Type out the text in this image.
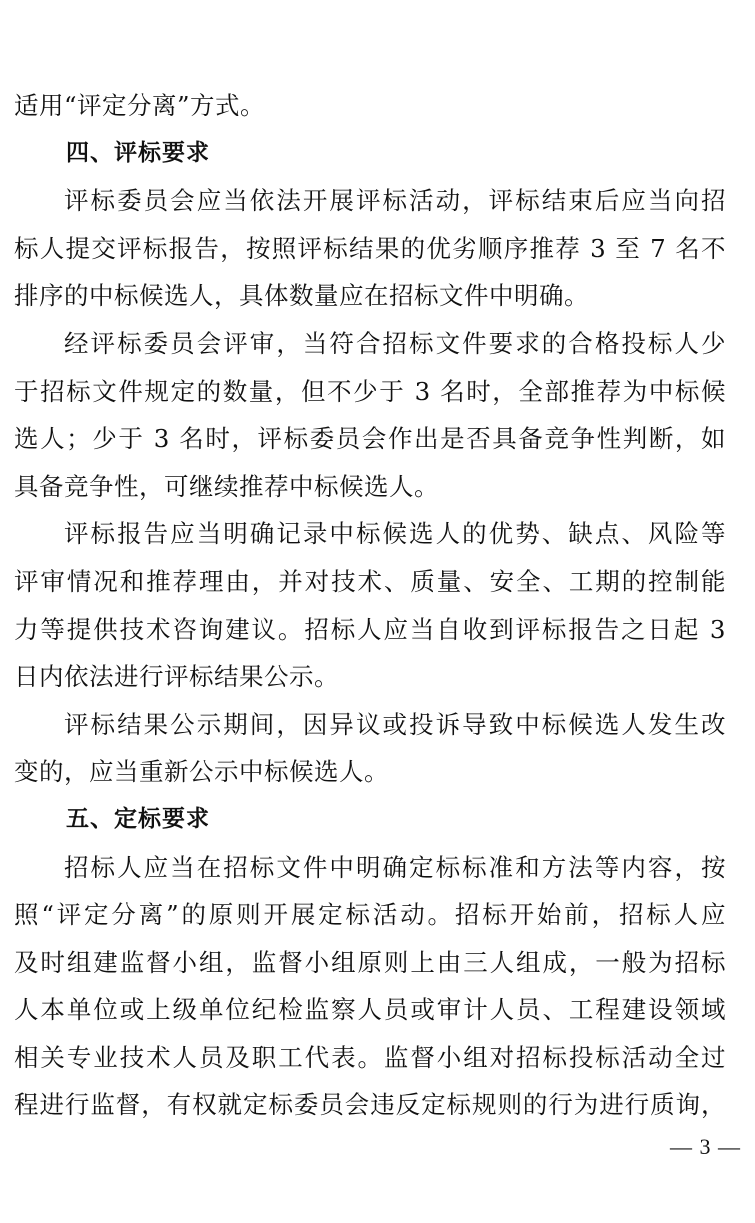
适用“评定分离”方式。
四、评标要求
评标委员会应当依法开展评标活动，评标结束后应当向招
标人提交评标报告，按照评标结果的优劣顺序推荐 3 至 7 名不
排序的中标候选人，具体数量应在招标文件中明确。
经评标委员会评审，当符合招标文件要求的合格投标人少
于招标文件规定的数量，但不少于 3 名时，全部推荐为中标候
选人；少于 3 名时，评标委员会作出是否具备竞争性判断，如
具备竞争性，可继续推荐中标候选人。
评标报告应当明确记录中标候选人的优势、缺点、风险等
评审情况和推荐理由，并对技术、质量、安全、工期的控制能
力等提供技术咨询建议。招标人应当自收到评标报告之日起 3
日内依法进行评标结果公示。
评标结果公示期间，因异议或投诉导致中标候选人发生改
变的，应当重新公示中标候选人。
五、定标要求
招标人应当在招标文件中明确定标标准和方法等内容，按
照“评定分离”的原则开展定标活动。招标开始前，招标人应
及时组建监督小组，监督小组原则上由三人组成，一般为招标
人本单位或上级单位纪检监察人员或审计人员、工程建设领域
相关专业技术人员及职工代表。监督小组对招标投标活动全过
程进行监督，有权就定标委员会违反定标规则的行为进行质询，
— 3 —
